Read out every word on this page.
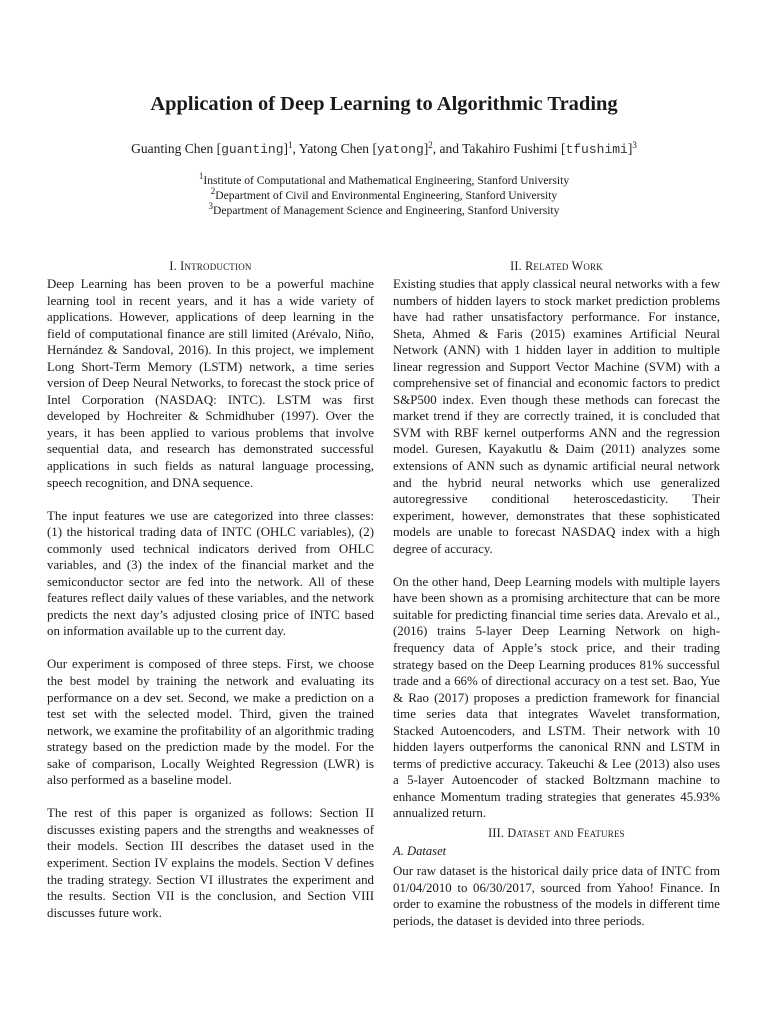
Application of Deep Learning to Algorithmic Trading
Guanting Chen [guanting]$^1$, Yatong Chen [yatong]$^2$, and Takahiro Fushimi [tfushimi]$^3$
$^1$Institute of Computational and Mathematical Engineering, Stanford University
$^2$Department of Civil and Environmental Engineering, Stanford University
$^3$Department of Management Science and Engineering, Stanford University
I. Introduction

Deep Learning has been proven to be a powerful machine learning tool in recent years, and it has a wide variety of applications. However, applications of deep learning in the field of computational finance are still limited (Arévalo, Niño, Hernández & Sandoval, 2016). In this project, we implement Long Short-Term Memory (LSTM) network, a time series version of Deep Neural Networks, to forecast the stock price of Intel Corporation (NASDAQ: INTC). LSTM was first developed by Hochreiter & Schmidhuber (1997). Over the years, it has been applied to various problems that involve sequential data, and research has demonstrated successful applications in such fields as natural language processing, speech recognition, and DNA sequence.

The input features we use are categorized into three classes: (1) the historical trading data of INTC (OHLC variables), (2) commonly used technical indicators derived from OHLC variables, and (3) the index of the financial market and the semiconductor sector are fed into the network. All of these features reflect daily values of these variables, and the network predicts the next day’s adjusted closing price of INTC based on information available up to the current day.

Our experiment is composed of three steps. First, we choose the best model by training the network and evaluating its performance on a dev set. Second, we make a prediction on a test set with the selected model. Third, given the trained network, we examine the profitability of an algorithmic trading strategy based on the prediction made by the model. For the sake of comparison, Locally Weighted Regression (LWR) is also performed as a baseline model.

The rest of this paper is organized as follows: Section II discusses existing papers and the strengths and weaknesses of their models. Section III describes the dataset used in the experiment. Section IV explains the models. Section V defines the trading strategy. Section VI illustrates the experiment and the results. Section VII is the conclusion, and Section VIII discusses future work.

II. Related Work

Existing studies that apply classical neural networks with a few numbers of hidden layers to stock market prediction problems have had rather unsatisfactory performance. For instance, Sheta, Ahmed & Faris (2015) examines Artificial Neural Network (ANN) with 1 hidden layer in addition to multiple linear regression and Support Vector Machine (SVM) with a comprehensive set of financial and economic factors to predict S&P500 index. Even though these methods can forecast the market trend if they are correctly trained, it is concluded that SVM with RBF kernel outperforms ANN and the regression model. Guresen, Kayakutlu & Daim (2011) analyzes some extensions of ANN such as dynamic artificial neural network and the hybrid neural networks which use generalized autoregressive conditional heteroscedasticity. Their experiment, however, demonstrates that these sophisticated models are unable to forecast NASDAQ index with a high degree of accuracy.

On the other hand, Deep Learning models with multiple layers have been shown as a promising architecture that can be more suitable for predicting financial time series data. Arevalo et al., (2016) trains 5-layer Deep Learning Network on high-frequency data of Apple’s stock price, and their trading strategy based on the Deep Learning produces 81% successful trade and a 66% of directional accuracy on a test set. Bao, Yue & Rao (2017) proposes a prediction framework for financial time series data that integrates Wavelet transformation, Stacked Autoencoders, and LSTM. Their network with 10 hidden layers outperforms the canonical RNN and LSTM in terms of predictive accuracy. Takeuchi & Lee (2013) also uses a 5-layer Autoencoder of stacked Boltzmann machine to enhance Momentum trading strategies that generates 45.93% annualized return.

III. Dataset and Features
A. Dataset

Our raw dataset is the historical daily price data of INTC from 01/04/2010 to 06/30/2017, sourced from Yahoo! Finance. In order to examine the robustness of the models in different time periods, the dataset is devided into three periods.
